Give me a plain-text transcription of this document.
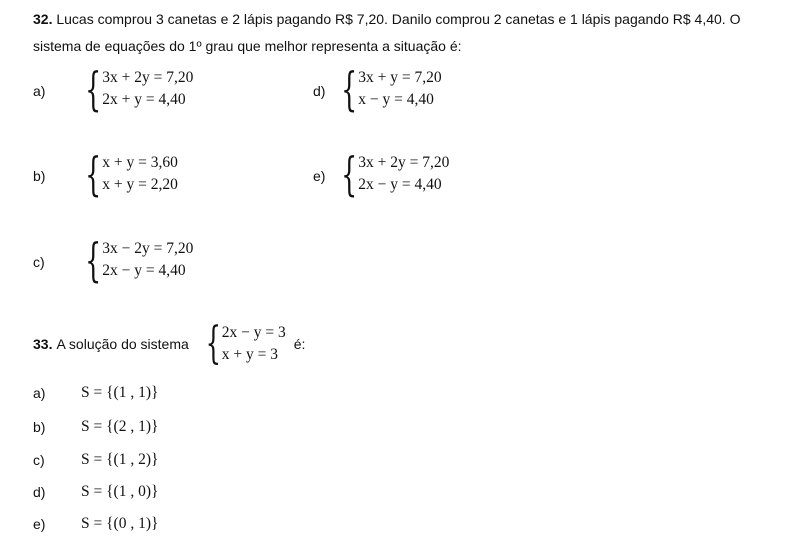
32. Lucas comprou 3 canetas e 2 lápis pagando R$ 7,20. Danilo comprou 2 canetas e 1 lápis pagando R$ 4,40. O
sistema de equações do 1º grau que melhor representa a situação é:
a) { 3x + 2y = 7,20
2x + y = 4,40	d) { 3x + y = 7,20
x − y = 4,40
b) { x + y = 3,60
x + y = 2,20	e) { 3x + 2y = 7,20
2x − y = 4,40
c) { 3x − 2y = 7,20
2x − y = 4,40
33. A solução do sistema { 2x − y = 3
x + y = 3
é:
a) S = {(1 , 1)}
b) S = {(2 , 1)}
c) S = {(1 , 2)}
d) S = {(1 , 0)}
e) S = {(0 , 1)}
